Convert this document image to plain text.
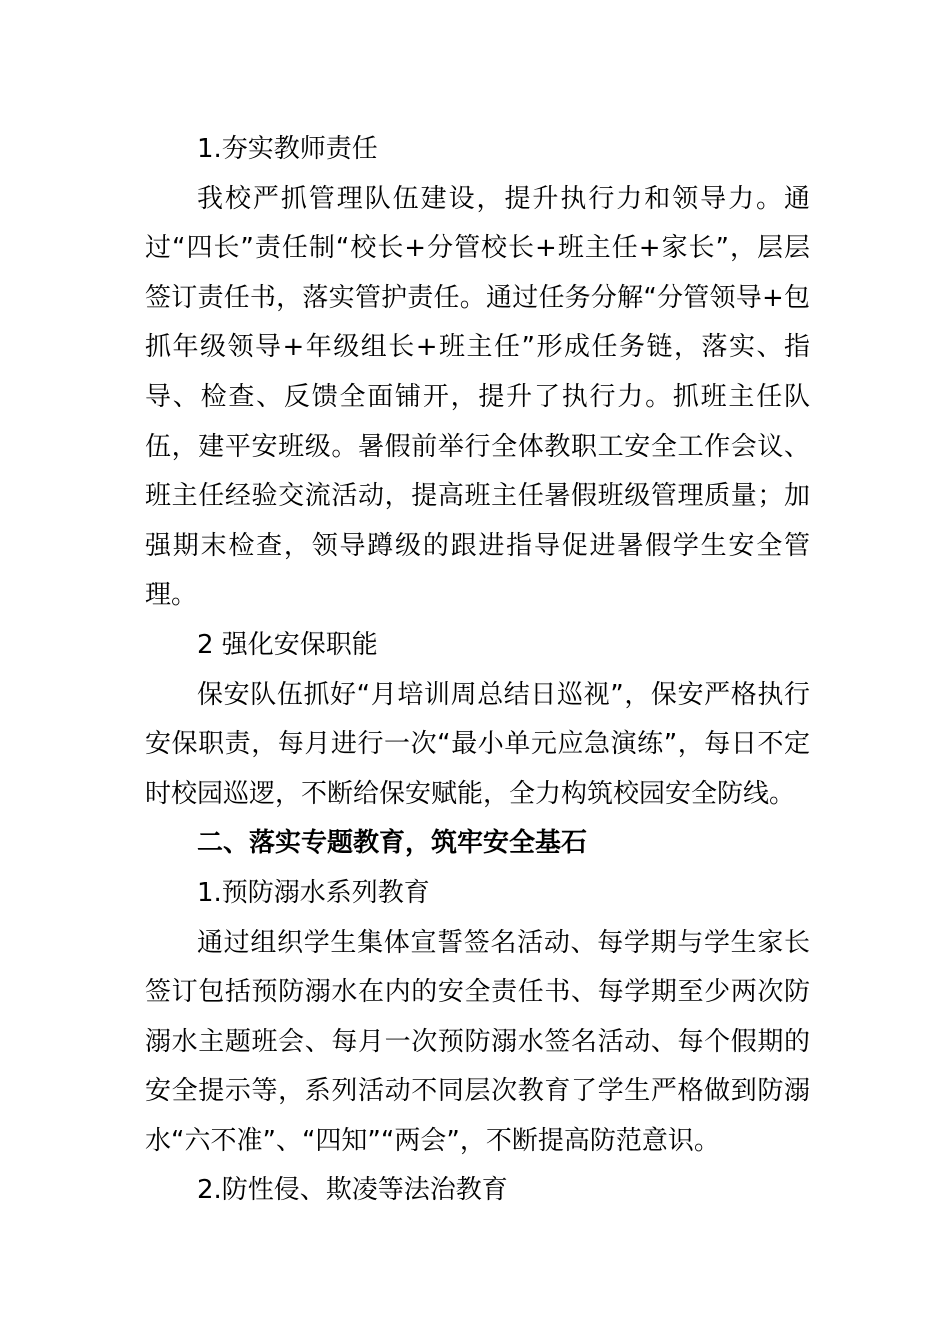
1.夯实教师责任

我校严抓管理队伍建设，提升执行力和领导力。通过“四长”责任制“校长+分管校长+班主任+家长”，层层签订责任书，落实管护责任。通过任务分解“分管领导+包抓年级领导+年级组长+班主任”形成任务链，落实、指导、检查、反馈全面铺开，提升了执行力。抓班主任队伍，建平安班级。暑假前举行全体教职工安全工作会议、班主任经验交流活动，提高班主任暑假班级管理质量；加强期末检查，领导蹲级的跟进指导促进暑假学生安全管理。

2 强化安保职能

保安队伍抓好“月培训周总结日巡视”，保安严格执行安保职责，每月进行一次“最小单元应急演练”，每日不定时校园巡逻，不断给保安赋能，全力构筑校园安全防线。

二、落实专题教育，筑牢安全基石

1.预防溺水系列教育

通过组织学生集体宣誓签名活动、每学期与学生家长签订包括预防溺水在内的安全责任书、每学期至少两次防溺水主题班会、每月一次预防溺水签名活动、每个假期的安全提示等，系列活动不同层次教育了学生严格做到防溺水“六不准”、“四知”“两会”，不断提高防范意识。

2.防性侵、欺凌等法治教育
